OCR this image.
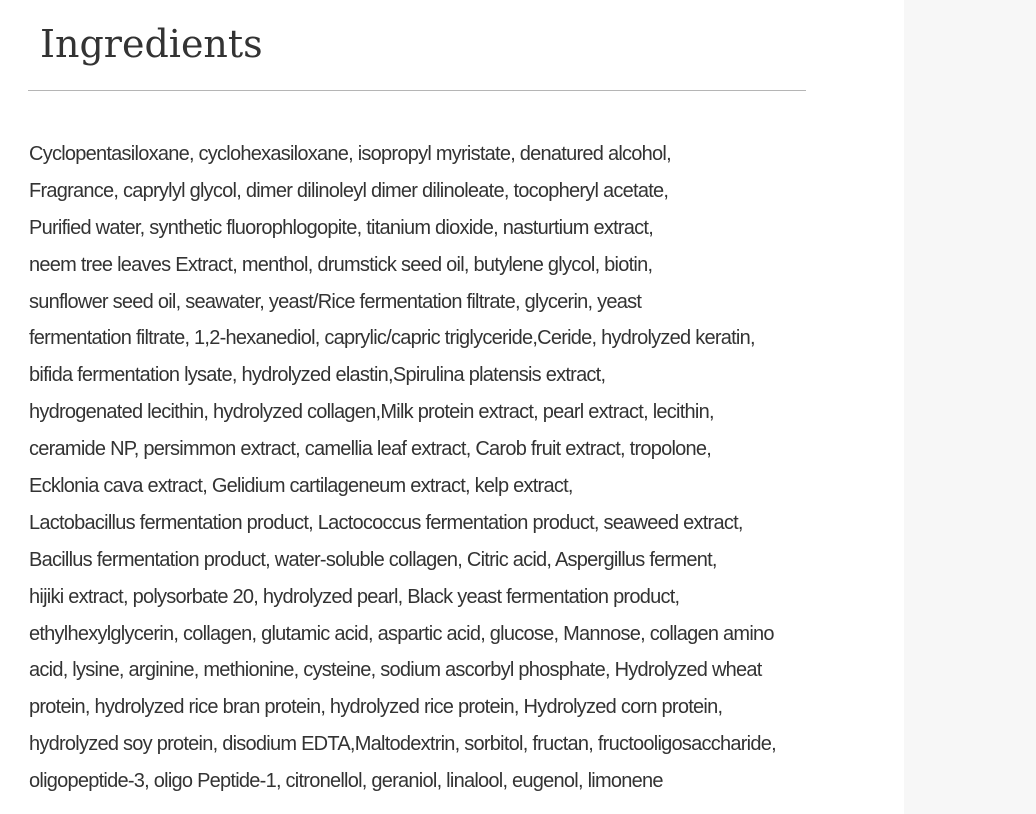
Ingredients
Cyclopentasiloxane, cyclohexasiloxane, isopropyl myristate, denatured alcohol,
Fragrance, caprylyl glycol, dimer dilinoleyl dimer dilinoleate, tocopheryl acetate,
Purified water, synthetic fluorophlogopite, titanium dioxide, nasturtium extract,
neem tree leaves Extract, menthol, drumstick seed oil, butylene glycol, biotin,
sunflower seed oil, seawater, yeast/Rice fermentation filtrate, glycerin, yeast
fermentation filtrate, 1,2-hexanediol, caprylic/capric triglyceride,Ceride, hydrolyzed keratin,
bifida fermentation lysate, hydrolyzed elastin,Spirulina platensis extract,
hydrogenated lecithin, hydrolyzed collagen,Milk protein extract, pearl extract, lecithin,
ceramide NP, persimmon extract, camellia leaf extract, Carob fruit extract, tropolone,
Ecklonia cava extract, Gelidium cartilageneum extract, kelp extract,
Lactobacillus fermentation product, Lactococcus fermentation product, seaweed extract,
Bacillus fermentation product, water-soluble collagen, Citric acid, Aspergillus ferment,
hijiki extract, polysorbate 20, hydrolyzed pearl, Black yeast fermentation product,
ethylhexylglycerin, collagen, glutamic acid, aspartic acid, glucose, Mannose, collagen amino
acid, lysine, arginine, methionine, cysteine, sodium ascorbyl phosphate, Hydrolyzed wheat
protein, hydrolyzed rice bran protein, hydrolyzed rice protein, Hydrolyzed corn protein,
hydrolyzed soy protein, disodium EDTA,Maltodextrin, sorbitol, fructan, fructooligosaccharide,
oligopeptide-3, oligo Peptide-1, citronellol, geraniol, linalool, eugenol, limonene
